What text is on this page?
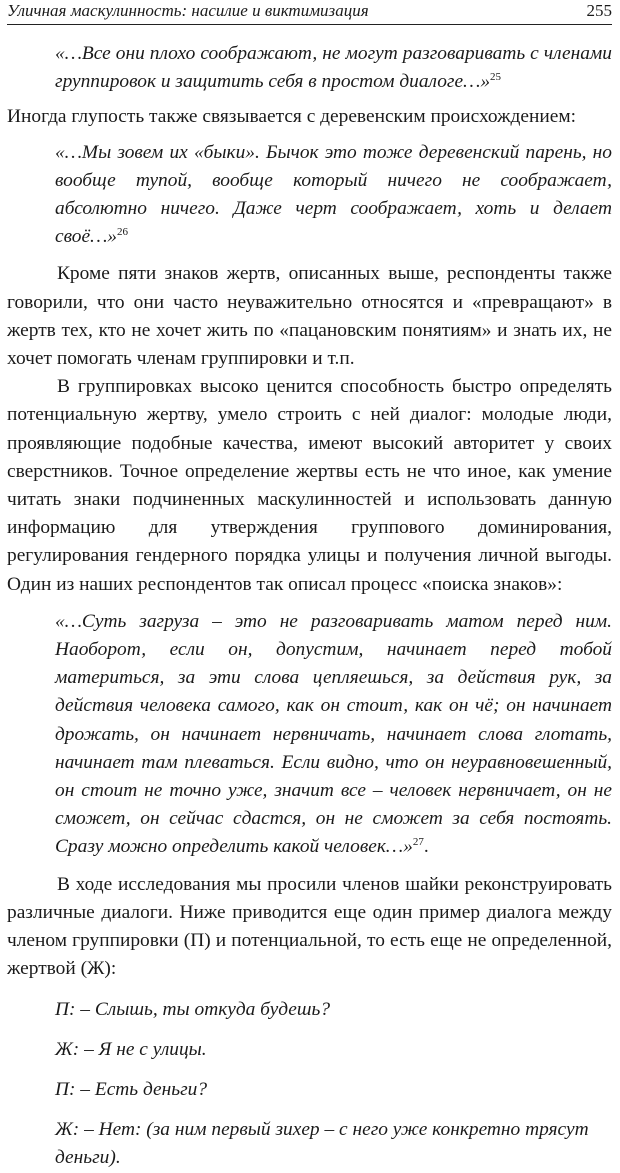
Уличная маскулинность: насилие и виктимизация	255

«…Все они плохо соображают, не могут разговаривать с членами группировок и защитить себя в простом диалоге…»$^{25}$

Иногда глупость также связывается с деревенским происхождением:

«…Мы зовем их «быки». Бычок это тоже деревенский парень, но вообще тупой, вообще который ничего не соображает, абсолютно ничего. Даже черт соображает, хоть и делает своё…»$^{26}$

Кроме пяти знаков жертв, описанных выше, респонденты также говорили, что они часто неуважительно относятся и «превращают» в жертв тех, кто не хочет жить по «пацановским понятиям» и знать их, не хочет помогать членам группировки и т.п.

В группировках высоко ценится способность быстро определять потенциальную жертву, умело строить с ней диалог: молодые люди, проявляющие подобные качества, имеют высокий авторитет у своих сверстников. Точное определение жертвы есть не что иное, как умение читать знаки подчиненных маскулинностей и использовать данную информацию для утверждения группового доминирования, регулирования гендерного порядка улицы и получения личной выгоды. Один из наших респондентов так описал процесс «поиска знаков»:

«…Суть загруза – это не разговаривать матом перед ним. Наоборот, если он, допустим, начинает перед тобой материться, за эти слова цепляешься, за действия рук, за действия человека самого, как он стоит, как он чё; он начинает дрожать, он начинает нервничать, начинает слова глотать, начинает там плеваться. Если видно, что он неуравновешенный, он стоит не точно уже, значит все – человек нервничает, он не сможет, он сейчас сдастся, он не сможет за себя постоять. Сразу можно определить какой человек…»$^{27}$.

В ходе исследования мы просили членов шайки реконструировать различные диалоги. Ниже приводится еще один пример диалога между членом группировки (П) и потенциальной, то есть еще не определенной, жертвой (Ж):

П: – Слышь, ты откуда будешь?

Ж: – Я не с улицы.

П: – Есть деньги?

Ж: – Нет: (за ним первый зихер – с него уже конкретно трясут деньги).
